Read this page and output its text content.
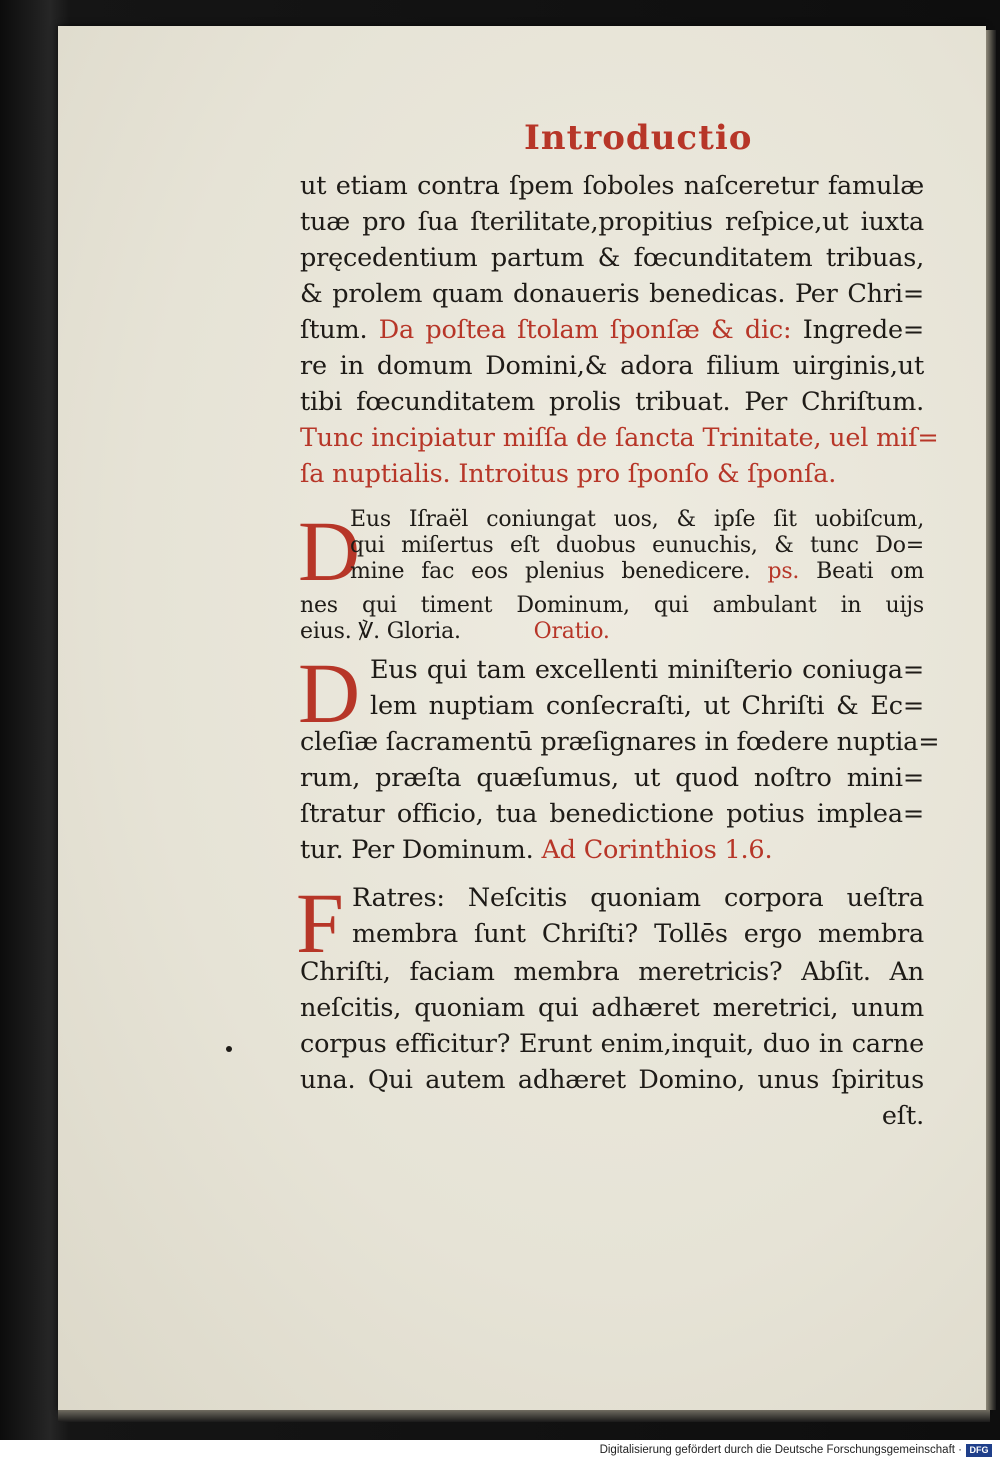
Introductio
ut etiam contra ſpem ſoboles naſceretur famulæ
tuæ pro ſua ſterilitate,propitius reſpice,ut iuxta
pręcedentium partum & fœcunditatem tribuas,
& prolem quam donaueris benedicas. Per Chri=
ſtum. Da poſtea ſtolam ſponſæ & dic: Ingrede=
re in domum Domini,& adora filium uirginis,ut
tibi fœcunditatem prolis tribuat. Per Chriſtum.
Tunc incipiatur miſſa de ſancta Trinitate, uel miſ=
ſa nuptialis. Introitus pro ſponſo & ſponſa.
D
Eus Iſraël coniungat uos, & ipſe ſit uobiſcum,
qui miſertus eſt duobus eunuchis, & tunc Do=
mine fac eos plenius benedicere. ps. Beati om
nes qui timent Dominum, qui ambulant in uijs
eius. ℣. Gloria.	Oratio.
D Eus qui tam excellenti miniſterio coniuga=
lem nuptiam conſecraſti, ut Chriſti & Ec=
cleſiæ ſacramentū præſignares in fœdere nuptia=
rum, præſta quæſumus, ut quod noſtro mini=
ſtratur officio, tua benedictione potius implea=
tur. Per Dominum. Ad Corinthios 1.6.
F Ratres: Neſcitis quoniam corpora ueſtra
membra ſunt Chriſti? Tollēs ergo membra
Chriſti, faciam membra meretricis? Abſit. An
neſcitis, quoniam qui adhæret meretrici, unum
corpus efficitur? Erunt enim,inquit, duo in carne
una. Qui autem adhæret Domino, unus ſpiritus
eſt.
Digitalisierung gefördert durch die Deutsche Forschungsgemeinschaft · DFG
